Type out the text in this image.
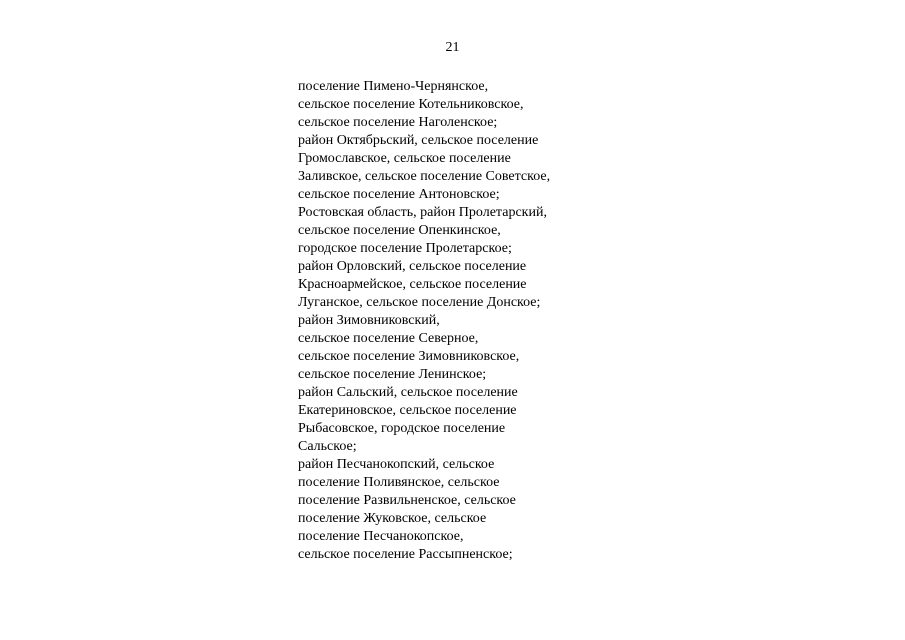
21
поселение Пимено-Чернянское,
сельское поселение Котельниковское,
сельское поселение Наголенское;
район Октябрьский, сельское поселение
Громославское, сельское поселение
Заливское, сельское поселение Советское,
сельское поселение Антоновское;
Ростовская область, район Пролетарский,
сельское поселение Опенкинское,
городское поселение Пролетарское;
район Орловский, сельское поселение
Красноармейское, сельское поселение
Луганское, сельское поселение Донское;
район Зимовниковский,
сельское поселение Северное,
сельское поселение Зимовниковское,
сельское поселение Ленинское;
район Сальский, сельское поселение
Екатериновское, сельское поселение
Рыбасовское, городское поселение
Сальское;
район Песчанокопский, сельское
поселение Поливянское, сельское
поселение Развильненское, сельское
поселение Жуковское, сельское
поселение Песчанокопское,
сельское поселение Рассыпненское;
